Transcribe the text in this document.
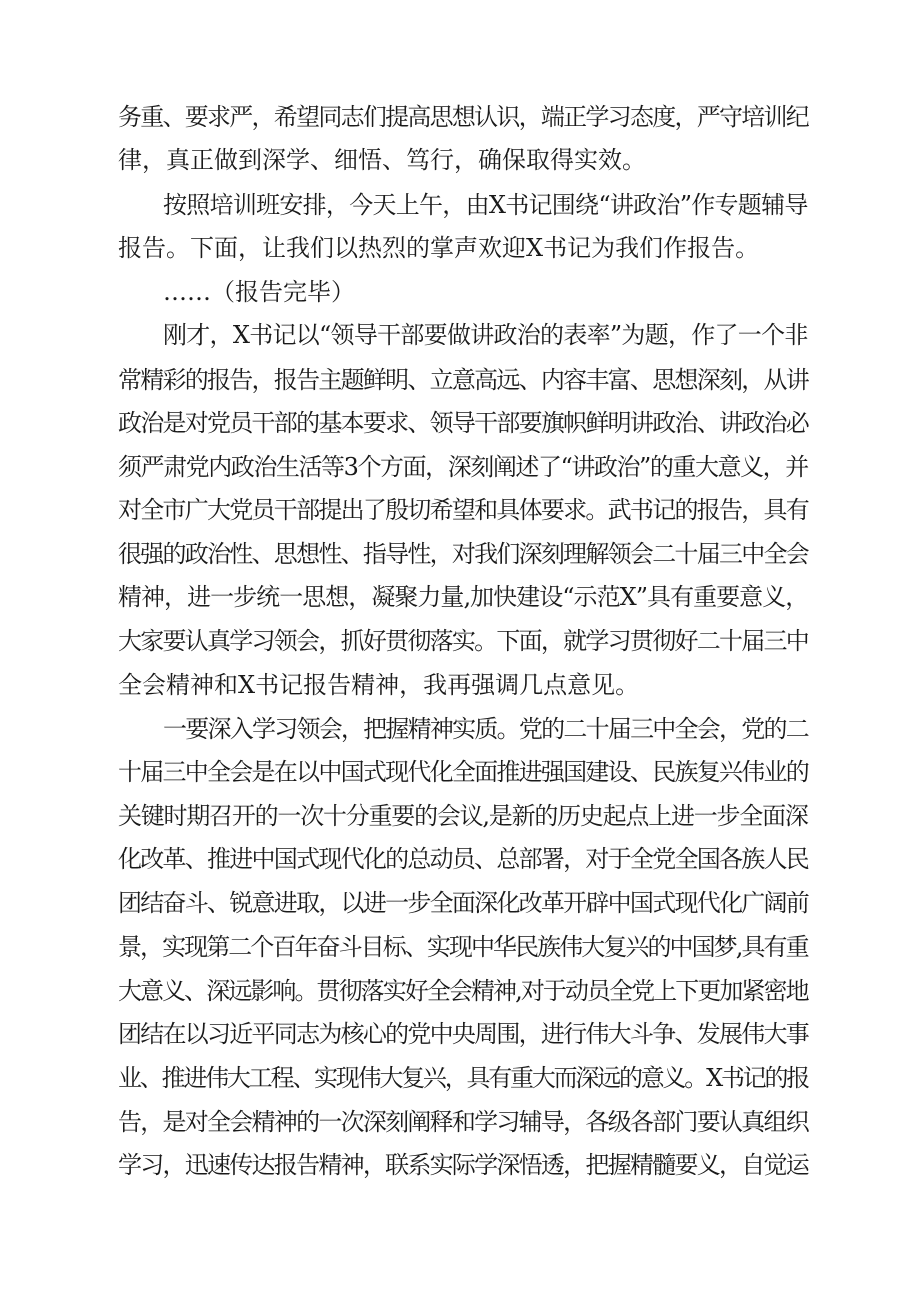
务重、要求严，希望同志们提高思想认识，端正学习态度，严守培训纪
律，真正做到深学、细悟、笃行，确保取得实效。
按照培训班安排，今天上午，由X书记围绕“讲政治”作专题辅导
报告。下面，让我们以热烈的掌声欢迎X书记为我们作报告。
……（报告完毕）
刚才，X书记以“领导干部要做讲政治的表率”为题，作了一个非
常精彩的报告，报告主题鲜明、立意高远、内容丰富、思想深刻，从讲
政治是对党员干部的基本要求、领导干部要旗帜鲜明讲政治、讲政治必
须严肃党内政治生活等3个方面，深刻阐述了“讲政治”的重大意义，并
对全市广大党员干部提出了殷切希望和具体要求。武书记的报告，具有
很强的政治性、思想性、指导性，对我们深刻理解领会二十届三中全会
精神，进一步统一思想，凝聚力量,加快建设“示范X”具有重要意义，
大家要认真学习领会，抓好贯彻落实。下面，就学习贯彻好二十届三中
全会精神和X书记报告精神，我再强调几点意见。
一要深入学习领会，把握精神实质。党的二十届三中全会，党的二
十届三中全会是在以中国式现代化全面推进强国建设、民族复兴伟业的
关键时期召开的一次十分重要的会议,是新的历史起点上进一步全面深
化改革、推进中国式现代化的总动员、总部署，对于全党全国各族人民
团结奋斗、锐意进取，以进一步全面深化改革开辟中国式现代化广阔前
景，实现第二个百年奋斗目标、实现中华民族伟大复兴的中国梦,具有重
大意义、深远影响。贯彻落实好全会精神,对于动员全党上下更加紧密地
团结在以习近平同志为核心的党中央周围，进行伟大斗争、发展伟大事
业、推进伟大工程、实现伟大复兴，具有重大而深远的意义。X书记的报
告，是对全会精神的一次深刻阐释和学习辅导，各级各部门要认真组织
学习，迅速传达报告精神，联系实际学深悟透，把握精髓要义，自觉运
